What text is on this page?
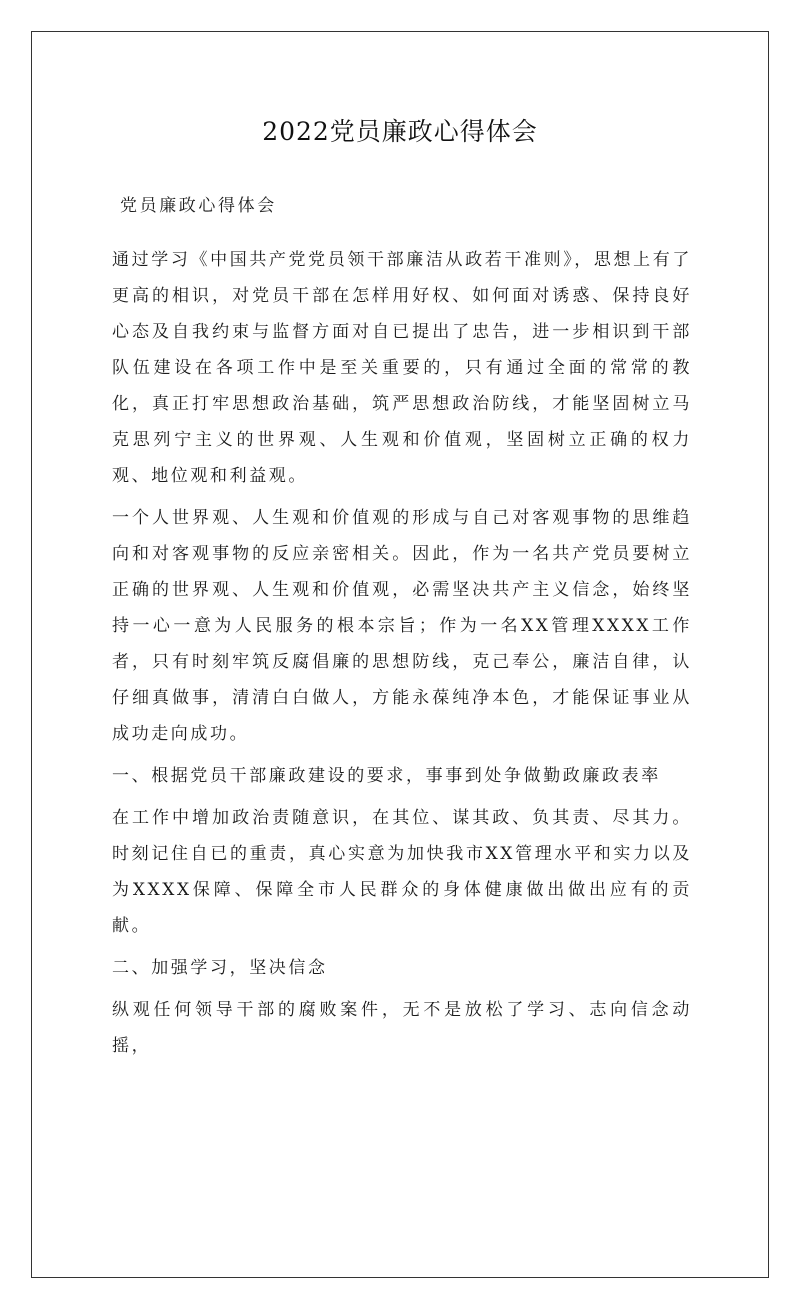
2022党员廉政心得体会

党员廉政心得体会

通过学习《中国共产党党员领干部廉洁从政若干准则》，思想上有了更高的相识，对党员干部在怎样用好权、如何面对诱惑、保持良好心态及自我约束与监督方面对自已提出了忠告，进一步相识到干部队伍建设在各项工作中是至关重要的，只有通过全面的常常的教化，真正打牢思想政治基础，筑严思想政治防线，才能坚固树立马克思列宁主义的世界观、人生观和价值观，坚固树立正确的权力观、地位观和利益观。

一个人世界观、人生观和价值观的形成与自己对客观事物的思维趋向和对客观事物的反应亲密相关。因此，作为一名共产党员要树立正确的世界观、人生观和价值观，必需坚决共产主义信念，始终坚持一心一意为人民服务的根本宗旨；作为一名XX管理XXXX工作者，只有时刻牢筑反腐倡廉的思想防线，克己奉公，廉洁自律，认仔细真做事，清清白白做人，方能永葆纯净本色，才能保证事业从成功走向成功。

一、根据党员干部廉政建设的要求，事事到处争做勤政廉政表率

在工作中增加政治责随意识，在其位、谋其政、负其责、尽其力。时刻记住自已的重责，真心实意为加快我市XX管理水平和实力以及为XXXX保障、保障全市人民群众的身体健康做出做出应有的贡献。

二、加强学习，坚决信念

纵观任何领导干部的腐败案件，无不是放松了学习、志向信念动摇，
